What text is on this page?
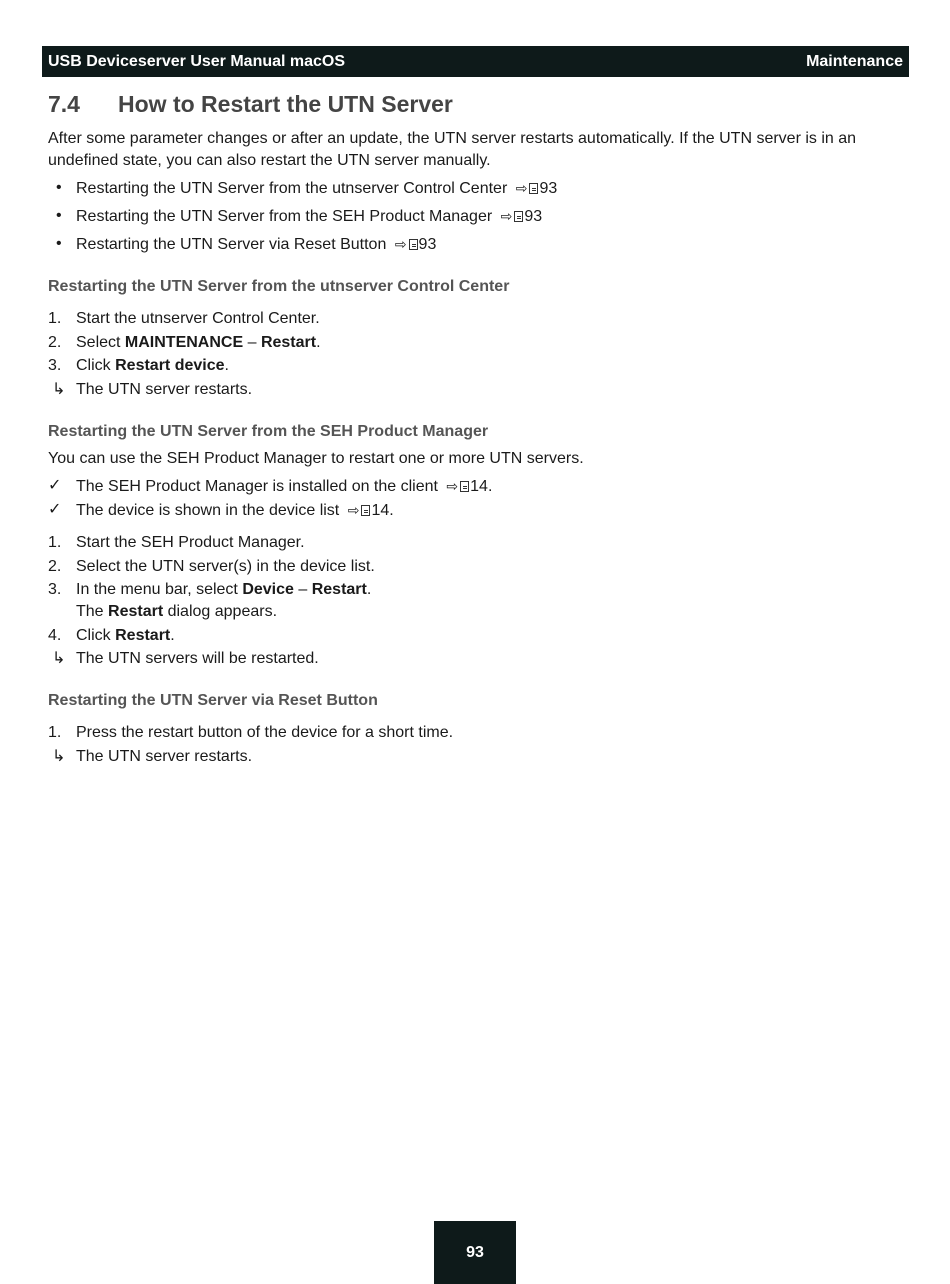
USB Deviceserver User Manual macOS	Maintenance
7.4	How to Restart the UTN Server

After some parameter changes or after an update, the UTN server restarts automatically. If the UTN server is in an undefined state, you can also restart the UTN server manually.

• Restarting the UTN Server from the utnserver Control Center ⇨ 93
• Restarting the UTN Server from the SEH Product Manager ⇨ 93
• Restarting the UTN Server via Reset Button ⇨ 93
Restarting the UTN Server from the utnserver Control Center
1. Start the utnserver Control Center.
2. Select MAINTENANCE – Restart.
3. Click Restart device.
↳ The UTN server restarts.
Restarting the UTN Server from the SEH Product Manager

You can use the SEH Product Manager to restart one or more UTN servers.

✓ The SEH Product Manager is installed on the client ⇨ 14.
✓ The device is shown in the device list ⇨ 14.
1. Start the SEH Product Manager.
2. Select the UTN server(s) in the device list.
3. In the menu bar, select Device – Restart.
The Restart dialog appears.
4. Click Restart.
↳ The UTN servers will be restarted.
Restarting the UTN Server via Reset Button
1. Press the restart button of the device for a short time.
↳ The UTN server restarts.
93
